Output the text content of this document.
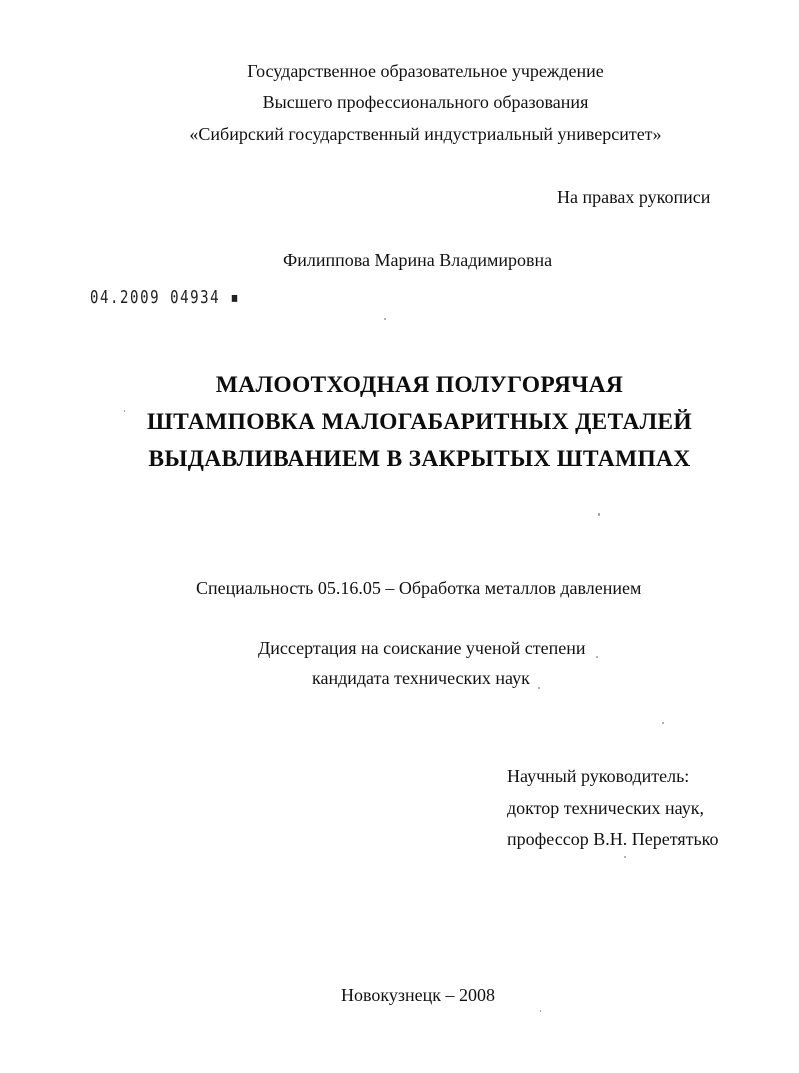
Государственное образовательное учреждение
Высшего профессионального образования
«Сибирский государственный индустриальный университет»
На правах рукописи
Филиппова Марина Владимировна
04.2009 04934 ▪
МАЛООТХОДНАЯ ПОЛУГОРЯЧАЯ
ШТАМПОВКА МАЛОГАБАРИТНЫХ ДЕТАЛЕЙ
ВЫДАВЛИВАНИЕМ В ЗАКРЫТЫХ ШТАМПАХ
Специальность 05.16.05 – Обработка металлов давлением
Диссертация на соискание ученой степени
кандидата технических наук
Научный руководитель:
доктор технических наук,
профессор В.Н. Перетятько
Новокузнецк – 2008
